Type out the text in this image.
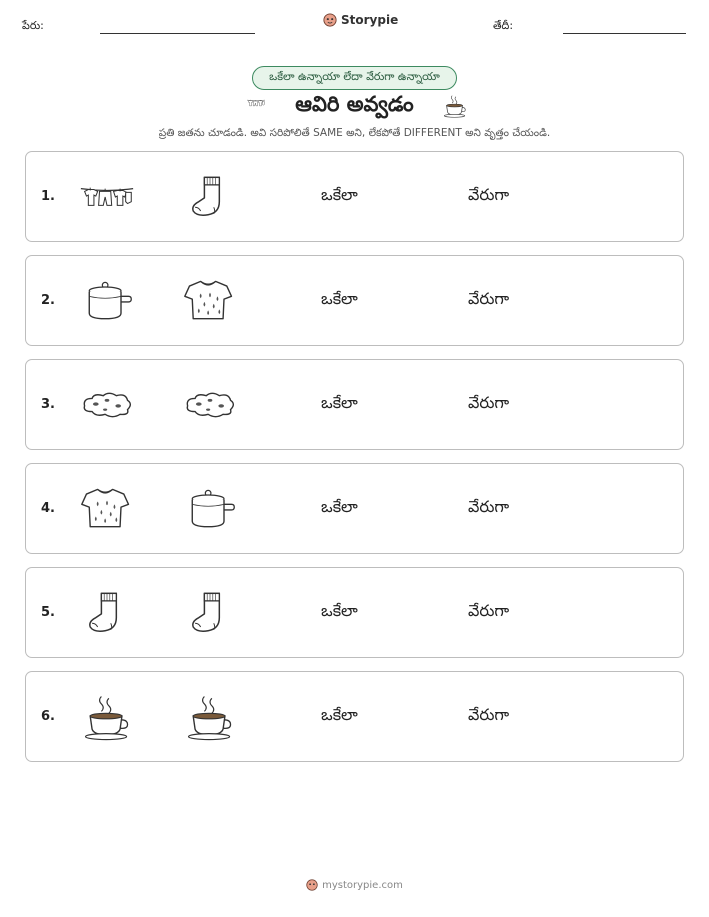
పేరు:	Storypie	తేదీ:
ఒకేలా ఉన్నాయా లేదా వేరుగా ఉన్నాయా
ఆవిరి అవ్వడం
ప్రతి జతను చూడండి. అవి సరిపోలితే SAME అని, లేకపోతే DIFFERENT అని వృత్తం చేయండి.
1.	ఒకేలా	వేరుగా
2.	ఒకేలా	వేరుగా
3.	ఒకేలా	వేరుగా
4.	ఒకేలా	వేరుగా
5.	ఒకేలా	వేరుగా
6.	ఒకేలా	వేరుగా
mystorypie.com
